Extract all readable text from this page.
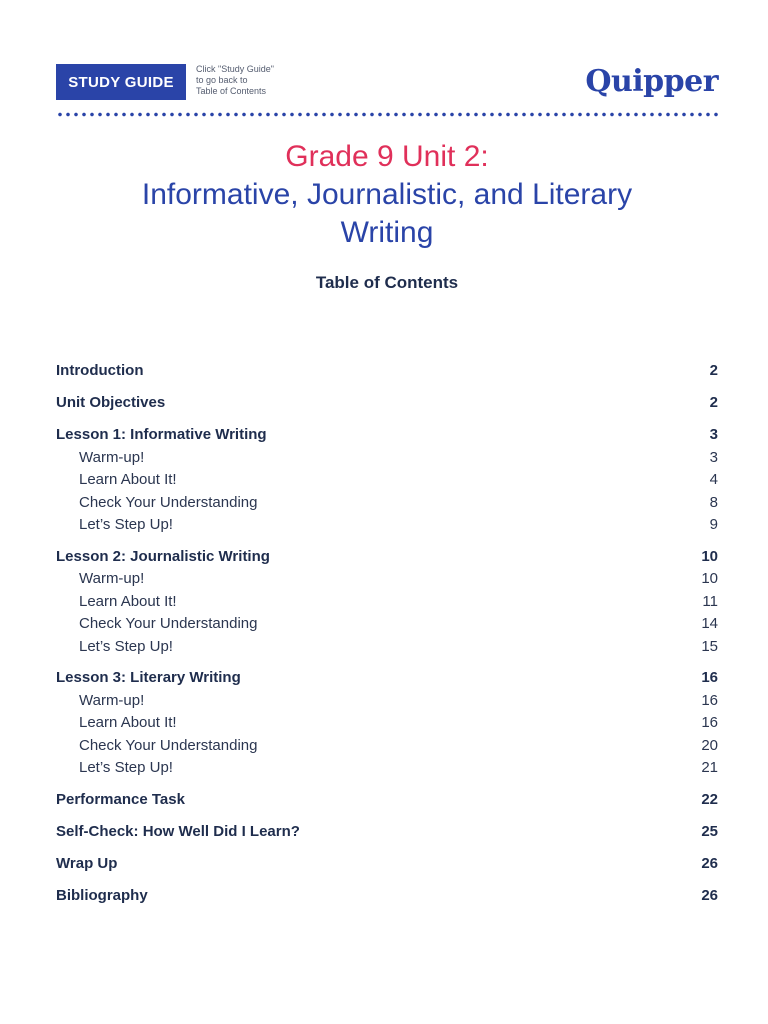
STUDY GUIDE
Click "Study Guide"
to go back to
Table of Contents	Quipper
Grade 9 Unit 2:
Informative, Journalistic, and Literary
Writing
Table of Contents
Introduction	2
Unit Objectives	2
Lesson 1: Informative Writing	3
Warm-up!	3
Learn About It!	4
Check Your Understanding	8
Let’s Step Up!	9
Lesson 2: Journalistic Writing	10
Warm-up!	10
Learn About It!	11
Check Your Understanding	14
Let’s Step Up!	15
Lesson 3: Literary Writing	16
Warm-up!	16
Learn About It!	16
Check Your Understanding	20
Let’s Step Up!	21
Performance Task	22
Self-Check: How Well Did I Learn?	25
Wrap Up	26
Bibliography	26
